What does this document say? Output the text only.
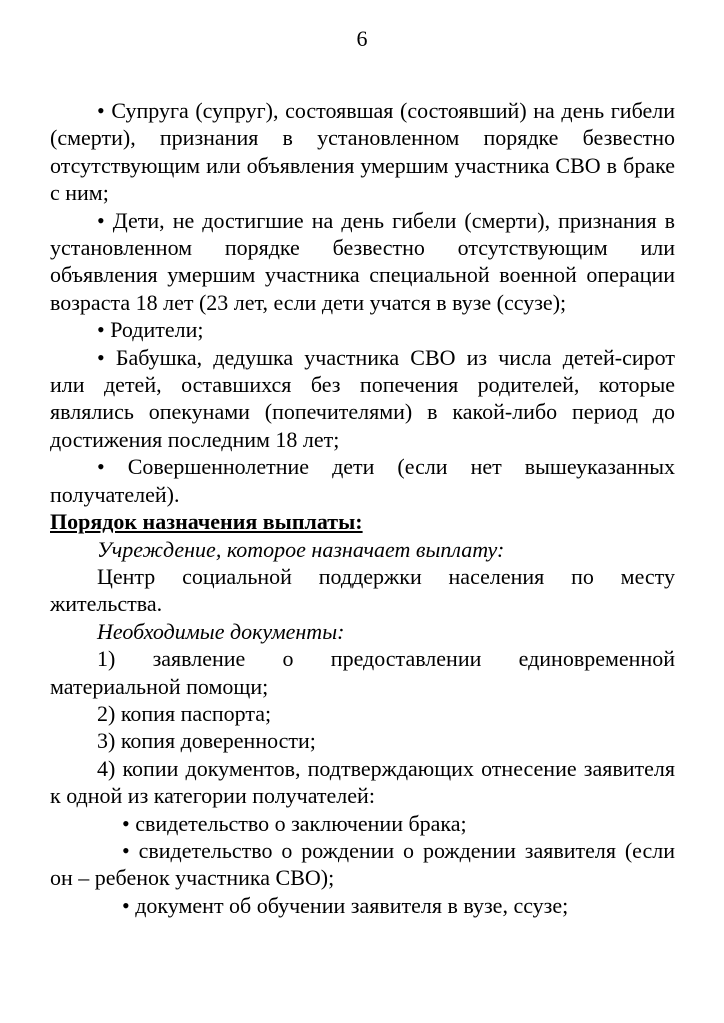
6

• Супруга (супруг), состоявшая (состоявший) на день гибели (смерти), признания в установленном порядке безвестно отсутствующим или объявления умершим участника СВО в браке с ним;

• Дети, не достигшие на день гибели (смерти), признания в установленном порядке безвестно отсутствующим или объявления умершим участника специальной военной операции возраста 18 лет (23 лет, если дети учатся в вузе (ссузе);

• Родители;

• Бабушка, дедушка участника СВО из числа детей-сирот или детей, оставшихся без попечения родителей, которые являлись опекунами (попечителями) в какой-либо период до достижения последним 18 лет;

• Совершеннолетние дети (если нет вышеуказанных получателей).

Порядок назначения выплаты:

Учреждение, которое назначает выплату:

Центр социальной поддержки населения по месту жительства.

Необходимые документы:

1) заявление о предоставлении единовременной материальной помощи;

2) копия паспорта;

3) копия доверенности;

4) копии документов, подтверждающих отнесение заявителя к одной из категории получателей:

• свидетельство о заключении брака;

• свидетельство о рождении о рождении заявителя (если он – ребенок участника СВО);

• документ об обучении заявителя в вузе, ссузе;
